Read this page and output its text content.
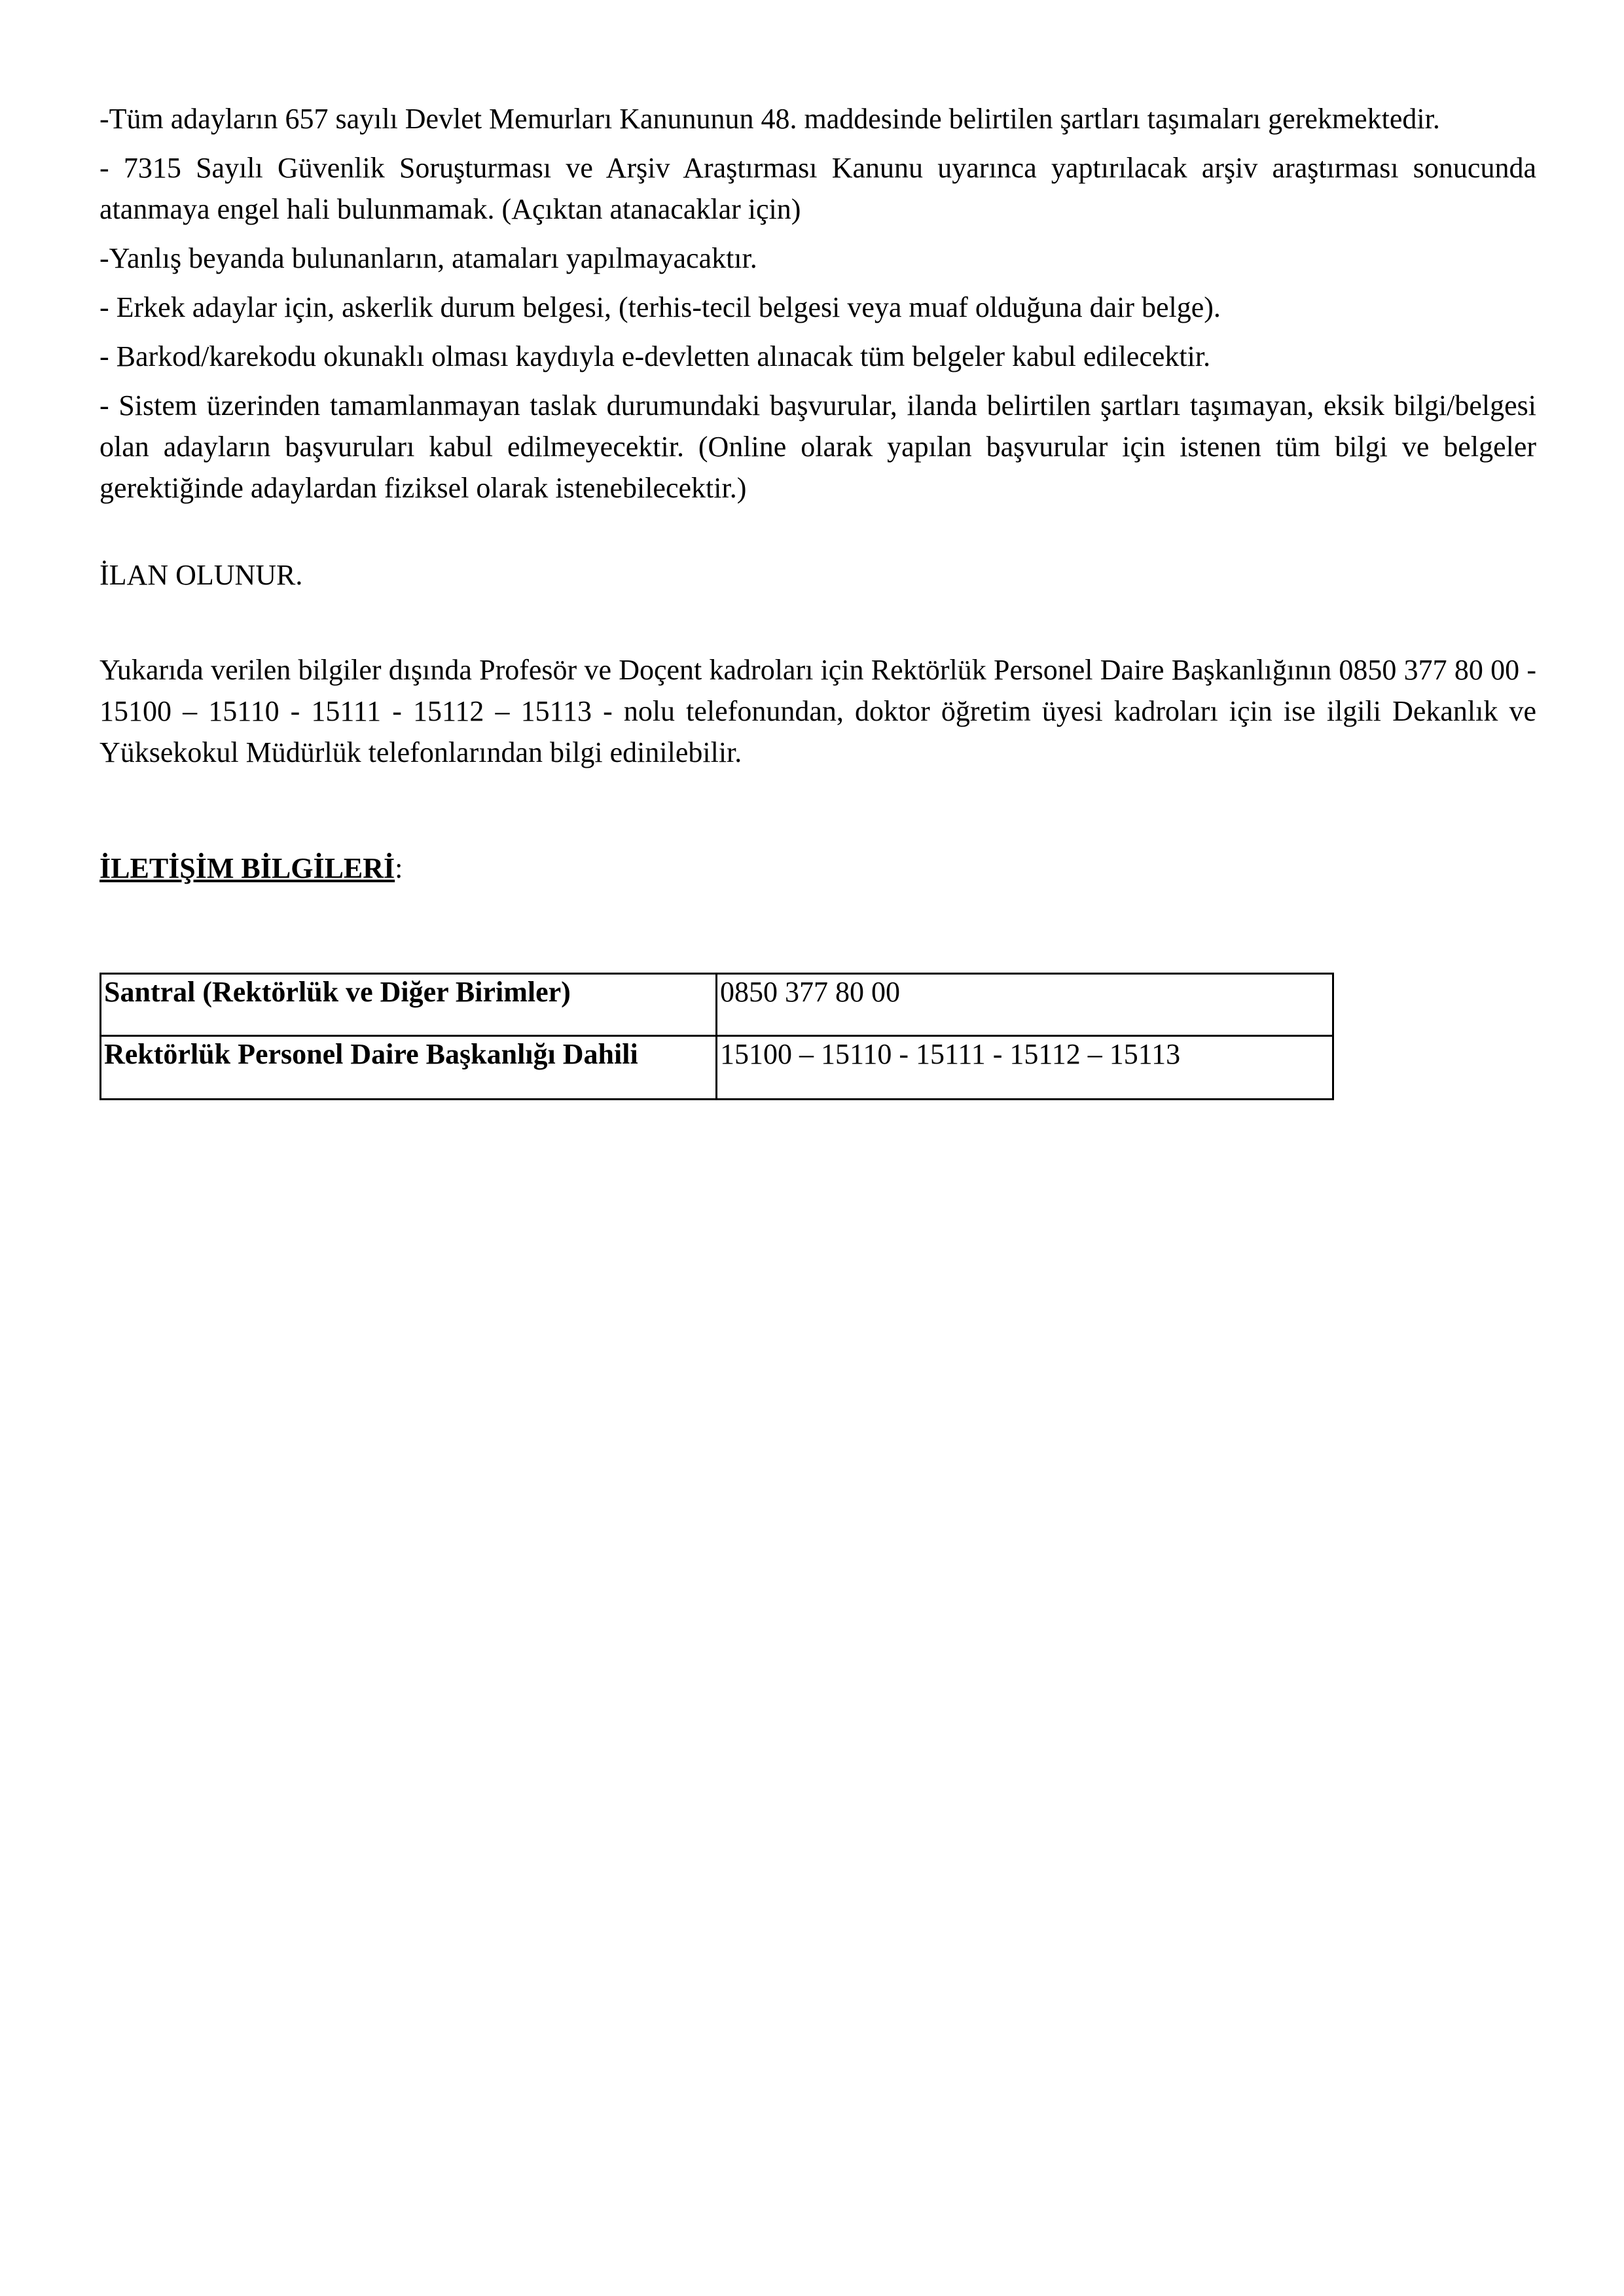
-Tüm adayların 657 sayılı Devlet Memurları Kanununun 48. maddesinde belirtilen şartları taşımaları gerekmektedir.

- 7315 Sayılı Güvenlik Soruşturması ve Arşiv Araştırması Kanunu uyarınca yaptırılacak arşiv araştırması sonucunda atanmaya engel hali bulunmamak. (Açıktan atanacaklar için)

-Yanlış beyanda bulunanların, atamaları yapılmayacaktır.

- Erkek adaylar için, askerlik durum belgesi, (terhis-tecil belgesi veya muaf olduğuna dair belge).

- Barkod/karekodu okunaklı olması kaydıyla e-devletten alınacak tüm belgeler kabul edilecektir.

- Sistem üzerinden tamamlanmayan taslak durumundaki başvurular, ilanda belirtilen şartları taşımayan, eksik bilgi/belgesi olan adayların başvuruları kabul edilmeyecektir. (Online olarak yapılan başvurular için istenen tüm bilgi ve belgeler gerektiğinde adaylardan fiziksel olarak istenebilecektir.)

İLAN OLUNUR.

Yukarıda verilen bilgiler dışında Profesör ve Doçent kadroları için Rektörlük Personel Daire Başkanlığının 0850 377 80 00 - 15100 – 15110 - 15111 - 15112 – 15113 - nolu telefonundan, doktor öğretim üyesi kadroları için ise ilgili Dekanlık ve Yüksekokul Müdürlük telefonlarından bilgi edinilebilir.

İLETİŞİM BİLGİLERİ:
Santral (Rektörlük ve Diğer Birimler)	0850 377 80 00
Rektörlük Personel Daire Başkanlığı Dahili	15100 – 15110 - 15111 - 15112 – 15113
